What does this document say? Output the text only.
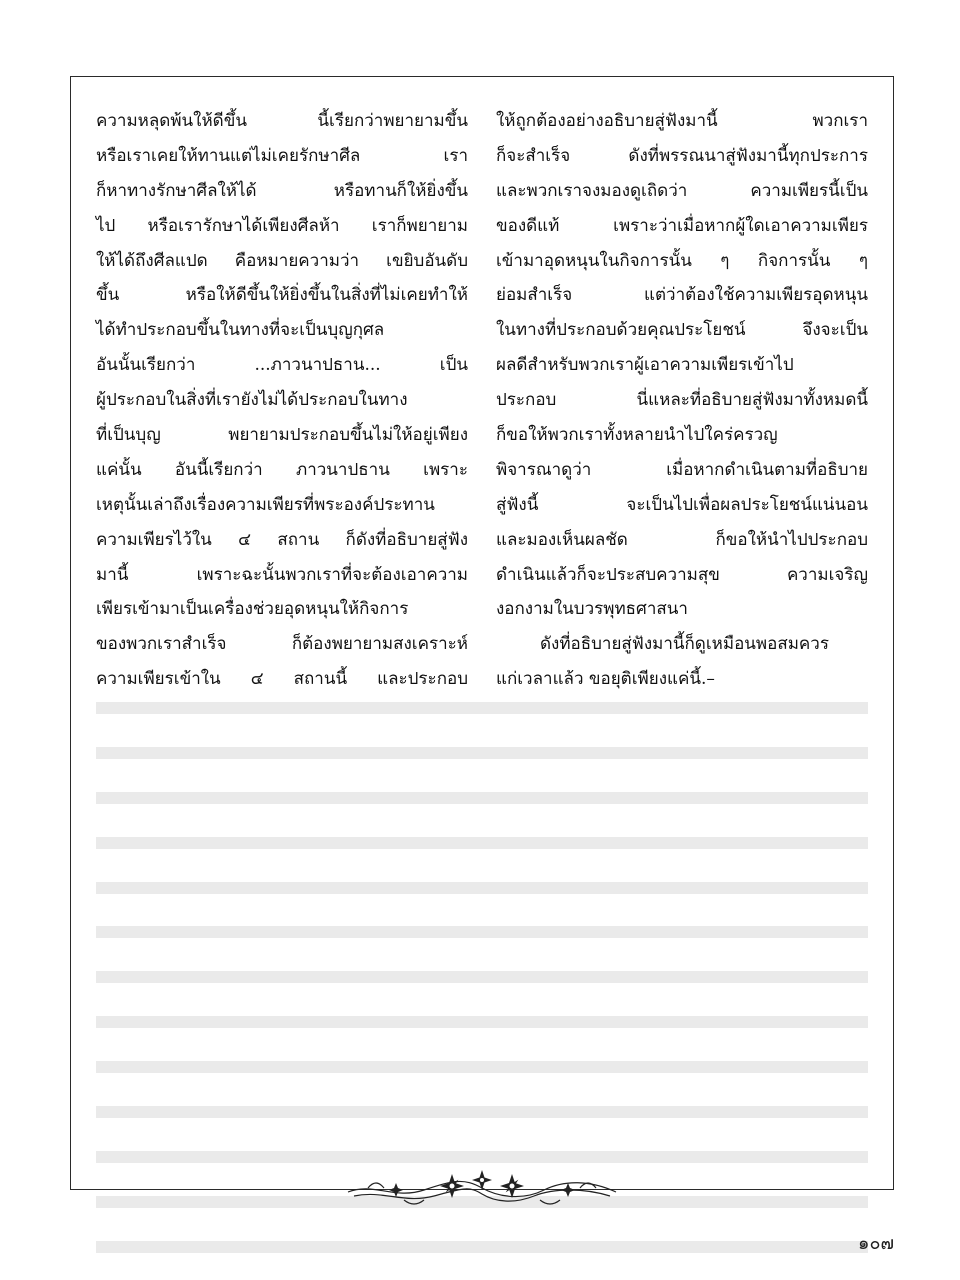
ความหลุดพ้นให้ดีขึ้น นี้เรียกว่าพยายามขึ้น
หรือเราเคยให้ทานแต่ไม่เคยรักษาศีล เรา
ก็หาทางรักษาศีลให้ได้ หรือทานก็ให้ยิ่งขึ้น
ไป หรือเรารักษาได้เพียงศีลห้า เราก็พยายาม
ให้ได้ถึงศีลแปด คือหมายความว่า เขยิบอันดับ
ขึ้น หรือให้ดีขึ้นให้ยิ่งขึ้นในสิ่งที่ไม่เคยทำให้
ได้ทำประกอบขึ้นในทางที่จะเป็นบุญกุศล
อันนั้นเรียกว่า ...ภาวนาปธาน... เป็น
ผู้ประกอบในสิ่งที่เรายังไม่ได้ประกอบในทาง
ที่เป็นบุญ พยายามประกอบขึ้นไม่ให้อยู่เพียง
แค่นั้น อันนี้เรียกว่า ภาวนาปธาน เพราะ
เหตุนั้นเล่าถึงเรื่องความเพียรที่พระองค์ประทาน
ความเพียรไว้ใน ๔ สถาน ก็ดังที่อธิบายสู่ฟัง
มานี้ เพราะฉะนั้นพวกเราที่จะต้องเอาความ
เพียรเข้ามาเป็นเครื่องช่วยอุดหนุนให้กิจการ
ของพวกเราสำเร็จ ก็ต้องพยายามสงเคราะห์
ความเพียรเข้าใน ๔ สถานนี้ และประกอบ
ให้ถูกต้องอย่างอธิบายสู่ฟังมานี้ พวกเรา
ก็จะสำเร็จ ดังที่พรรณนาสู่ฟังมานี้ทุกประการ
และพวกเราจงมองดูเถิดว่า ความเพียรนี้เป็น
ของดีแท้ เพราะว่าเมื่อหากผู้ใดเอาความเพียร
เข้ามาอุดหนุนในกิจการนั้น ๆ กิจการนั้น ๆ
ย่อมสำเร็จ แต่ว่าต้องใช้ความเพียรอุดหนุน
ในทางที่ประกอบด้วยคุณประโยชน์ จึงจะเป็น
ผลดีสำหรับพวกเราผู้เอาความเพียรเข้าไป
ประกอบ นี่แหละที่อธิบายสู่ฟังมาทั้งหมดนี้
ก็ขอให้พวกเราทั้งหลายนำไปใคร่ครวญ
พิจารณาดูว่า เมื่อหากดำเนินตามที่อธิบาย
สู่ฟังนี้ จะเป็นไปเพื่อผลประโยชน์แน่นอน
และมองเห็นผลชัด ก็ขอให้นำไปประกอบ
ดำเนินแล้วก็จะประสบความสุข ความเจริญ
งอกงามในบวรพุทธศาสนา
ดังที่อธิบายสู่ฟังมานี้ก็ดูเหมือนพอสมควร
แก่เวลาแล้ว ขอยุติเพียงแค่นี้.–
๑๐๗
